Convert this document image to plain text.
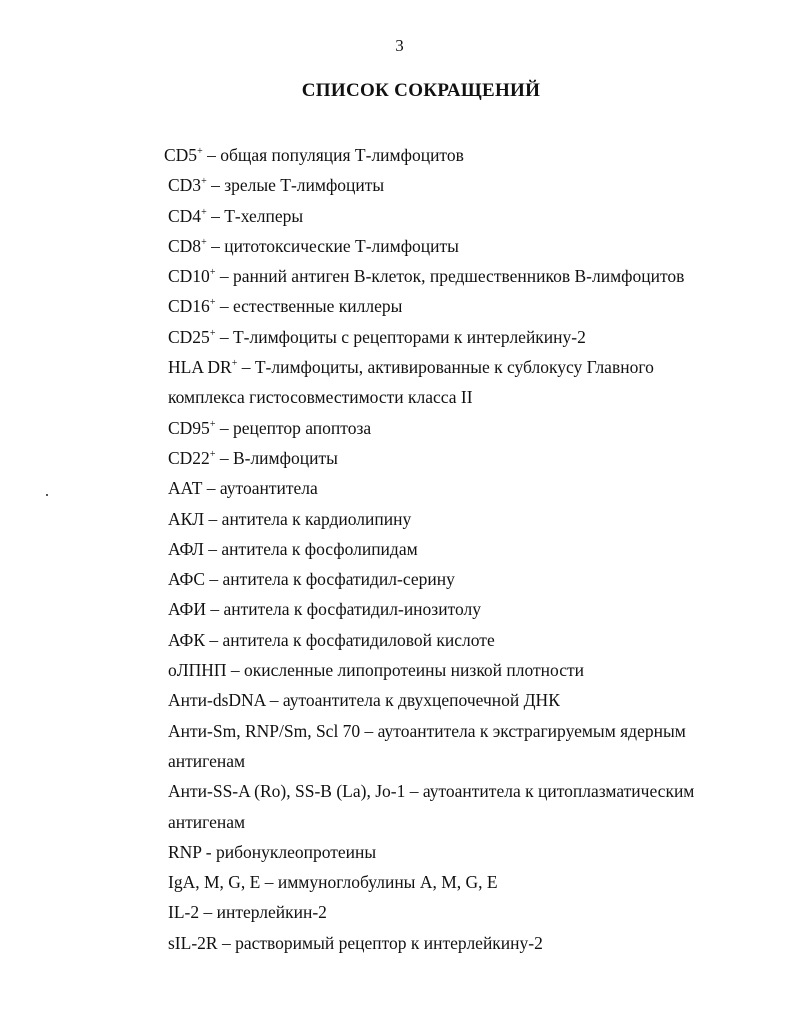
3
СПИСОК СОКРАЩЕНИЙ
CD5+ – общая популяция Т-лимфоцитов
CD3+ – зрелые Т-лимфоциты
CD4+ – Т-хелперы
CD8+ – цитотоксические Т-лимфоциты
CD10+ – ранний антиген В-клеток, предшественников В-лимфоцитов
CD16+ – естественные киллеры
CD25+ – Т-лимфоциты с рецепторами к интерлейкину-2
HLA DR+ – Т-лимфоциты, активированные к сублокусу Главного
комплекса гистосовместимости класса II
CD95+ – рецептор апоптоза
CD22+ – В-лимфоциты
ААТ – аутоантитела
АКЛ – антитела к кардиолипину
АФЛ – антитела к фосфолипидам
АФС – антитела к фосфатидил-серину
АФИ – антитела к фосфатидил-инозитолу
АФК – антитела к фосфатидиловой кислоте
оЛПНП – окисленные липопротеины низкой плотности
Анти-dsDNA – аутоантитела к двухцепочечной ДНК
Анти-Sm, RNP/Sm, Scl 70 – аутоантитела к экстрагируемым ядерным
антигенам
Анти-SS-A (Ro), SS-B (La), Jo-1 – аутоантитела к цитоплазматическим
антигенам
RNP - рибонуклеопротеины
IgA, M, G, E – иммуноглобулины A, M, G, E
IL-2 – интерлейкин-2
sIL-2R – растворимый рецептор к интерлейкину-2
